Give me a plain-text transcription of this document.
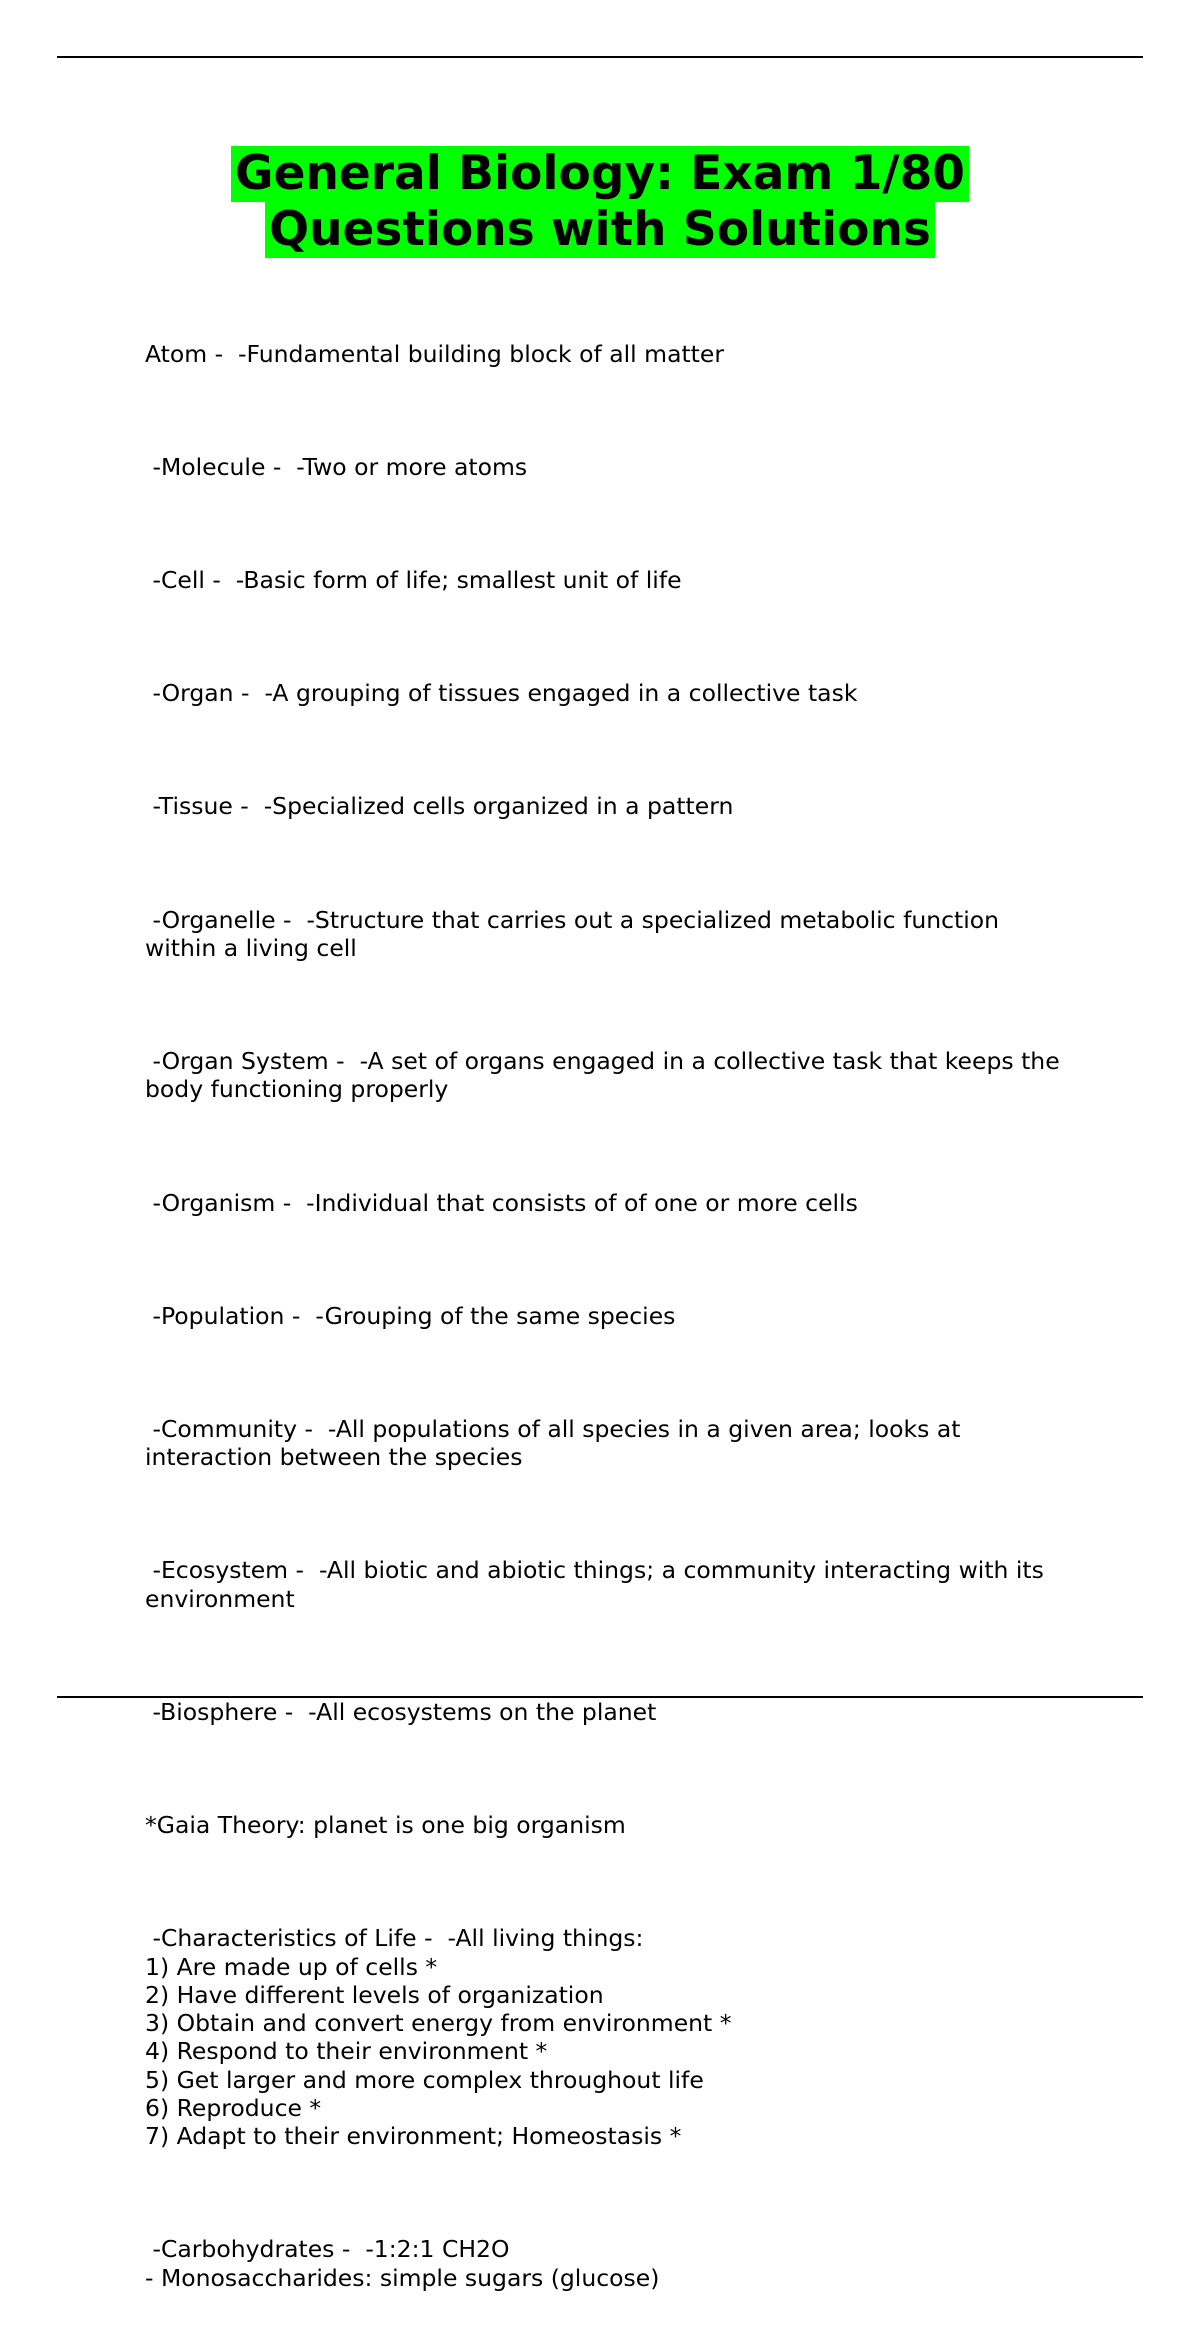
General Biology: Exam 1/80
Questions with Solutions

Atom -  -Fundamental building block of all matter

-Molecule -  -Two or more atoms

-Cell -  -Basic form of life; smallest unit of life

-Organ -  -A grouping of tissues engaged in a collective task

-Tissue -  -Specialized cells organized in a pattern

-Organelle -  -Structure that carries out a specialized metabolic function
within a living cell

-Organ System -  -A set of organs engaged in a collective task that keeps the
body functioning properly

-Organism -  -Individual that consists of of one or more cells

-Population -  -Grouping of the same species

-Community -  -All populations of all species in a given area; looks at
interaction between the species

-Ecosystem -  -All biotic and abiotic things; a community interacting with its
environment

-Biosphere -  -All ecosystems on the planet

*Gaia Theory: planet is one big organism

-Characteristics of Life -  -All living things:
1) Are made up of cells *
2) Have different levels of organization
3) Obtain and convert energy from environment *
4) Respond to their environment *
5) Get larger and more complex throughout life
6) Reproduce *
7) Adapt to their environment; Homeostasis *

-Carbohydrates -  -1:2:1 CH2O
- Monosaccharides: simple sugars (glucose)
